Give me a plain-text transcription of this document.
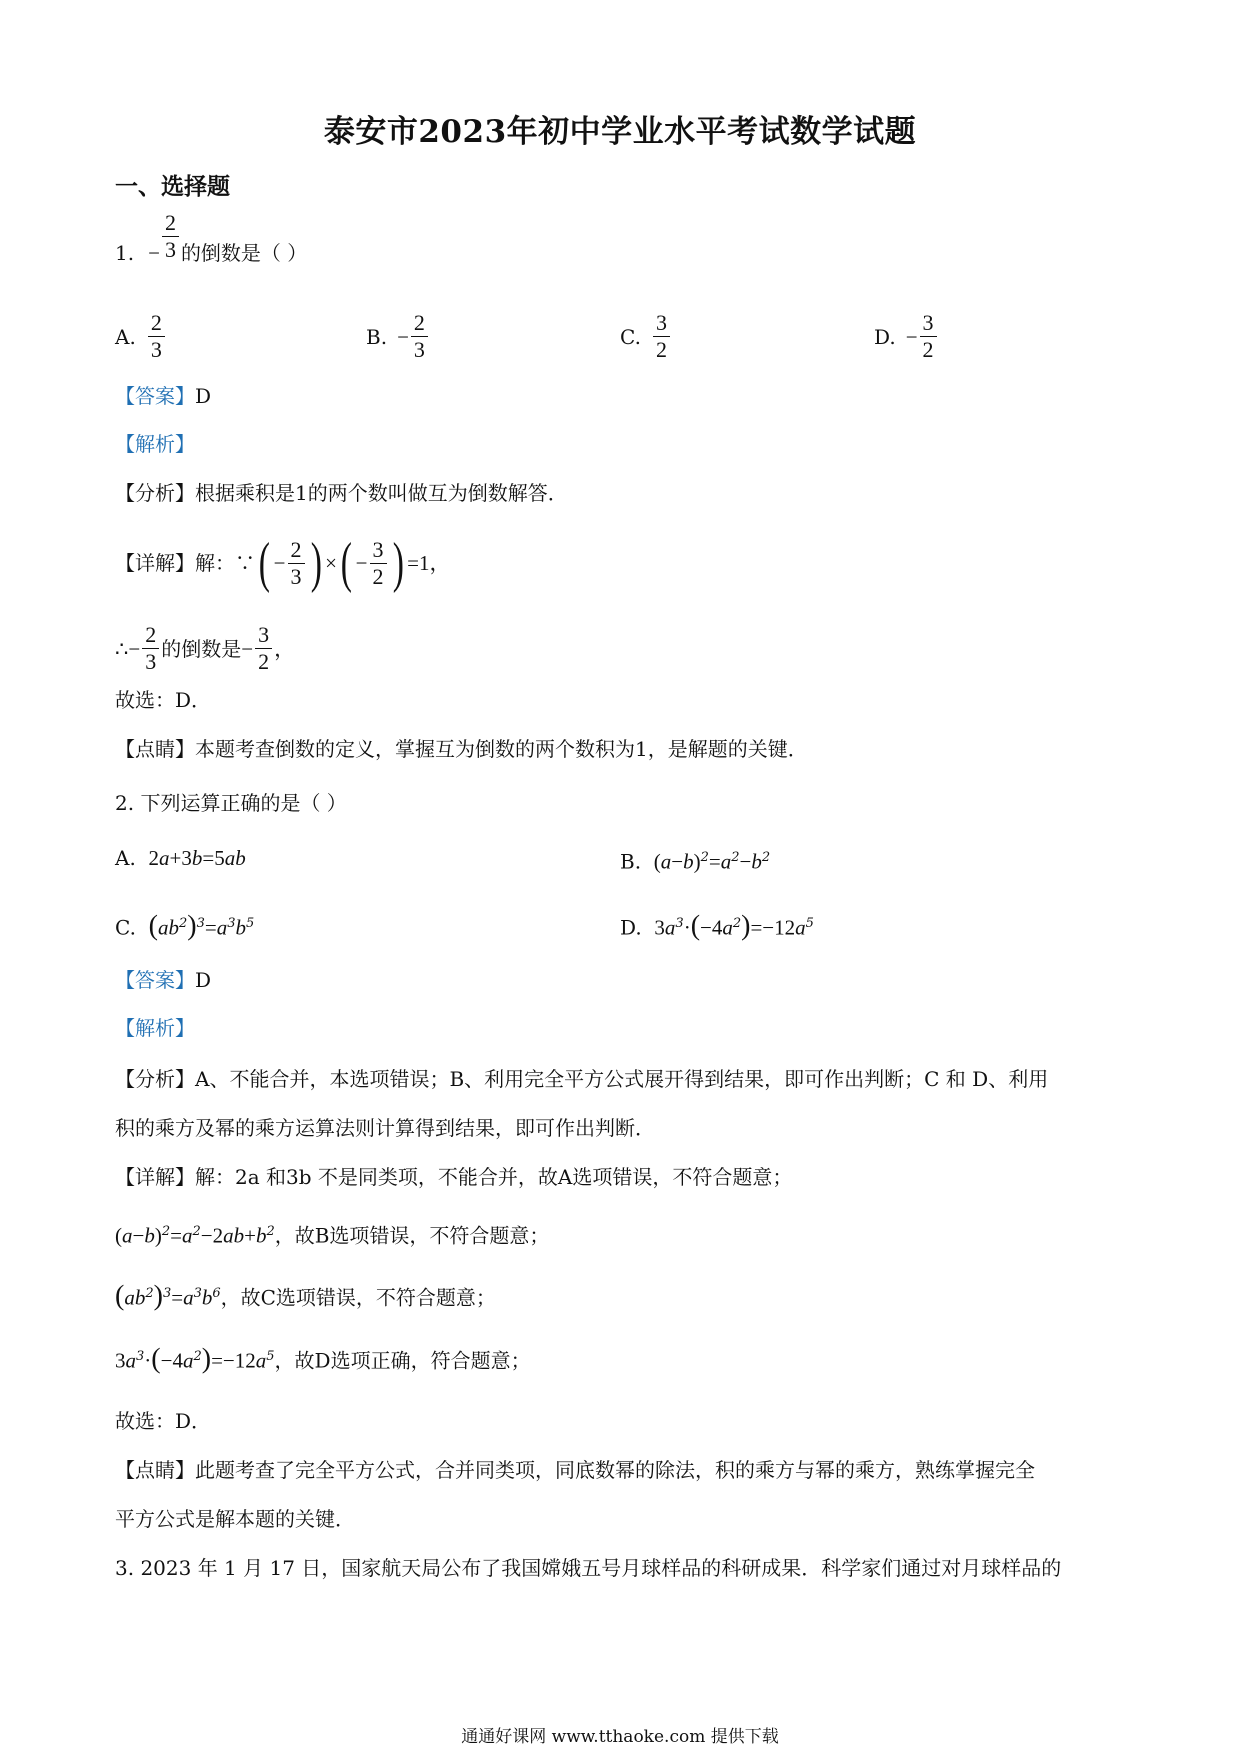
泰安市2023年初中学业水平考试数学试题
一、选择题
1. − $\frac{2}{3}$ 的倒数是（ ）
A. $\frac{2}{3}$	B. − $\frac{2}{3}$	C. $\frac{3}{2}$	D. − $\frac{3}{2}$
【答案】D
【解析】
【分析】根据乘积是1的两个数叫做互为倒数解答．
【详解】 解：∵ ( − $\frac{2}{3}$ ) × ( − $\frac{3}{2}$ ) =1，
∴− $\frac{2}{3}$ 的倒数是 − $\frac{3}{2}$ ，
故选：D．
【点睛】本题考查倒数的定义，掌握互为倒数的两个数积为1，是解题的关键．
2. 下列运算正确的是（ ）
A.  2a+3b=5ab	B.  $(a-b)^2=a^2-b^2$
C.  $(ab^2)^3=a^3b^5$	D.  $3a^3\cdot(-4a^2)=-12a^5$
【答案】D
【解析】
【分析】A、不能合并，本选项错误；B、利用完全平方公式展开得到结果，即可作出判断；C 和 D、利用
积的乘方及幂的乘方运算法则计算得到结果，即可作出判断．
【详解】解：2a 和3b 不是同类项，不能合并，故A选项错误，不符合题意；
$(a-b)^2=a^2-2ab+b^2$，故B选项错误，不符合题意；
$(ab^2)^3=a^3b^6$，故C选项错误，不符合题意；
$3a^3\cdot(-4a^2)=-12a^5$，故D选项正确，符合题意；
故选：D．
【点睛】此题考查了完全平方公式，合并同类项，同底数幂的除法，积的乘方与幂的乘方，熟练掌握完全
平方公式是解本题的关键．
3. 2023 年 1 月 17 日，国家航天局公布了我国嫦娥五号月球样品的科研成果．科学家们通过对月球样品的
通通好课网 www.tthaoke.com 提供下载
